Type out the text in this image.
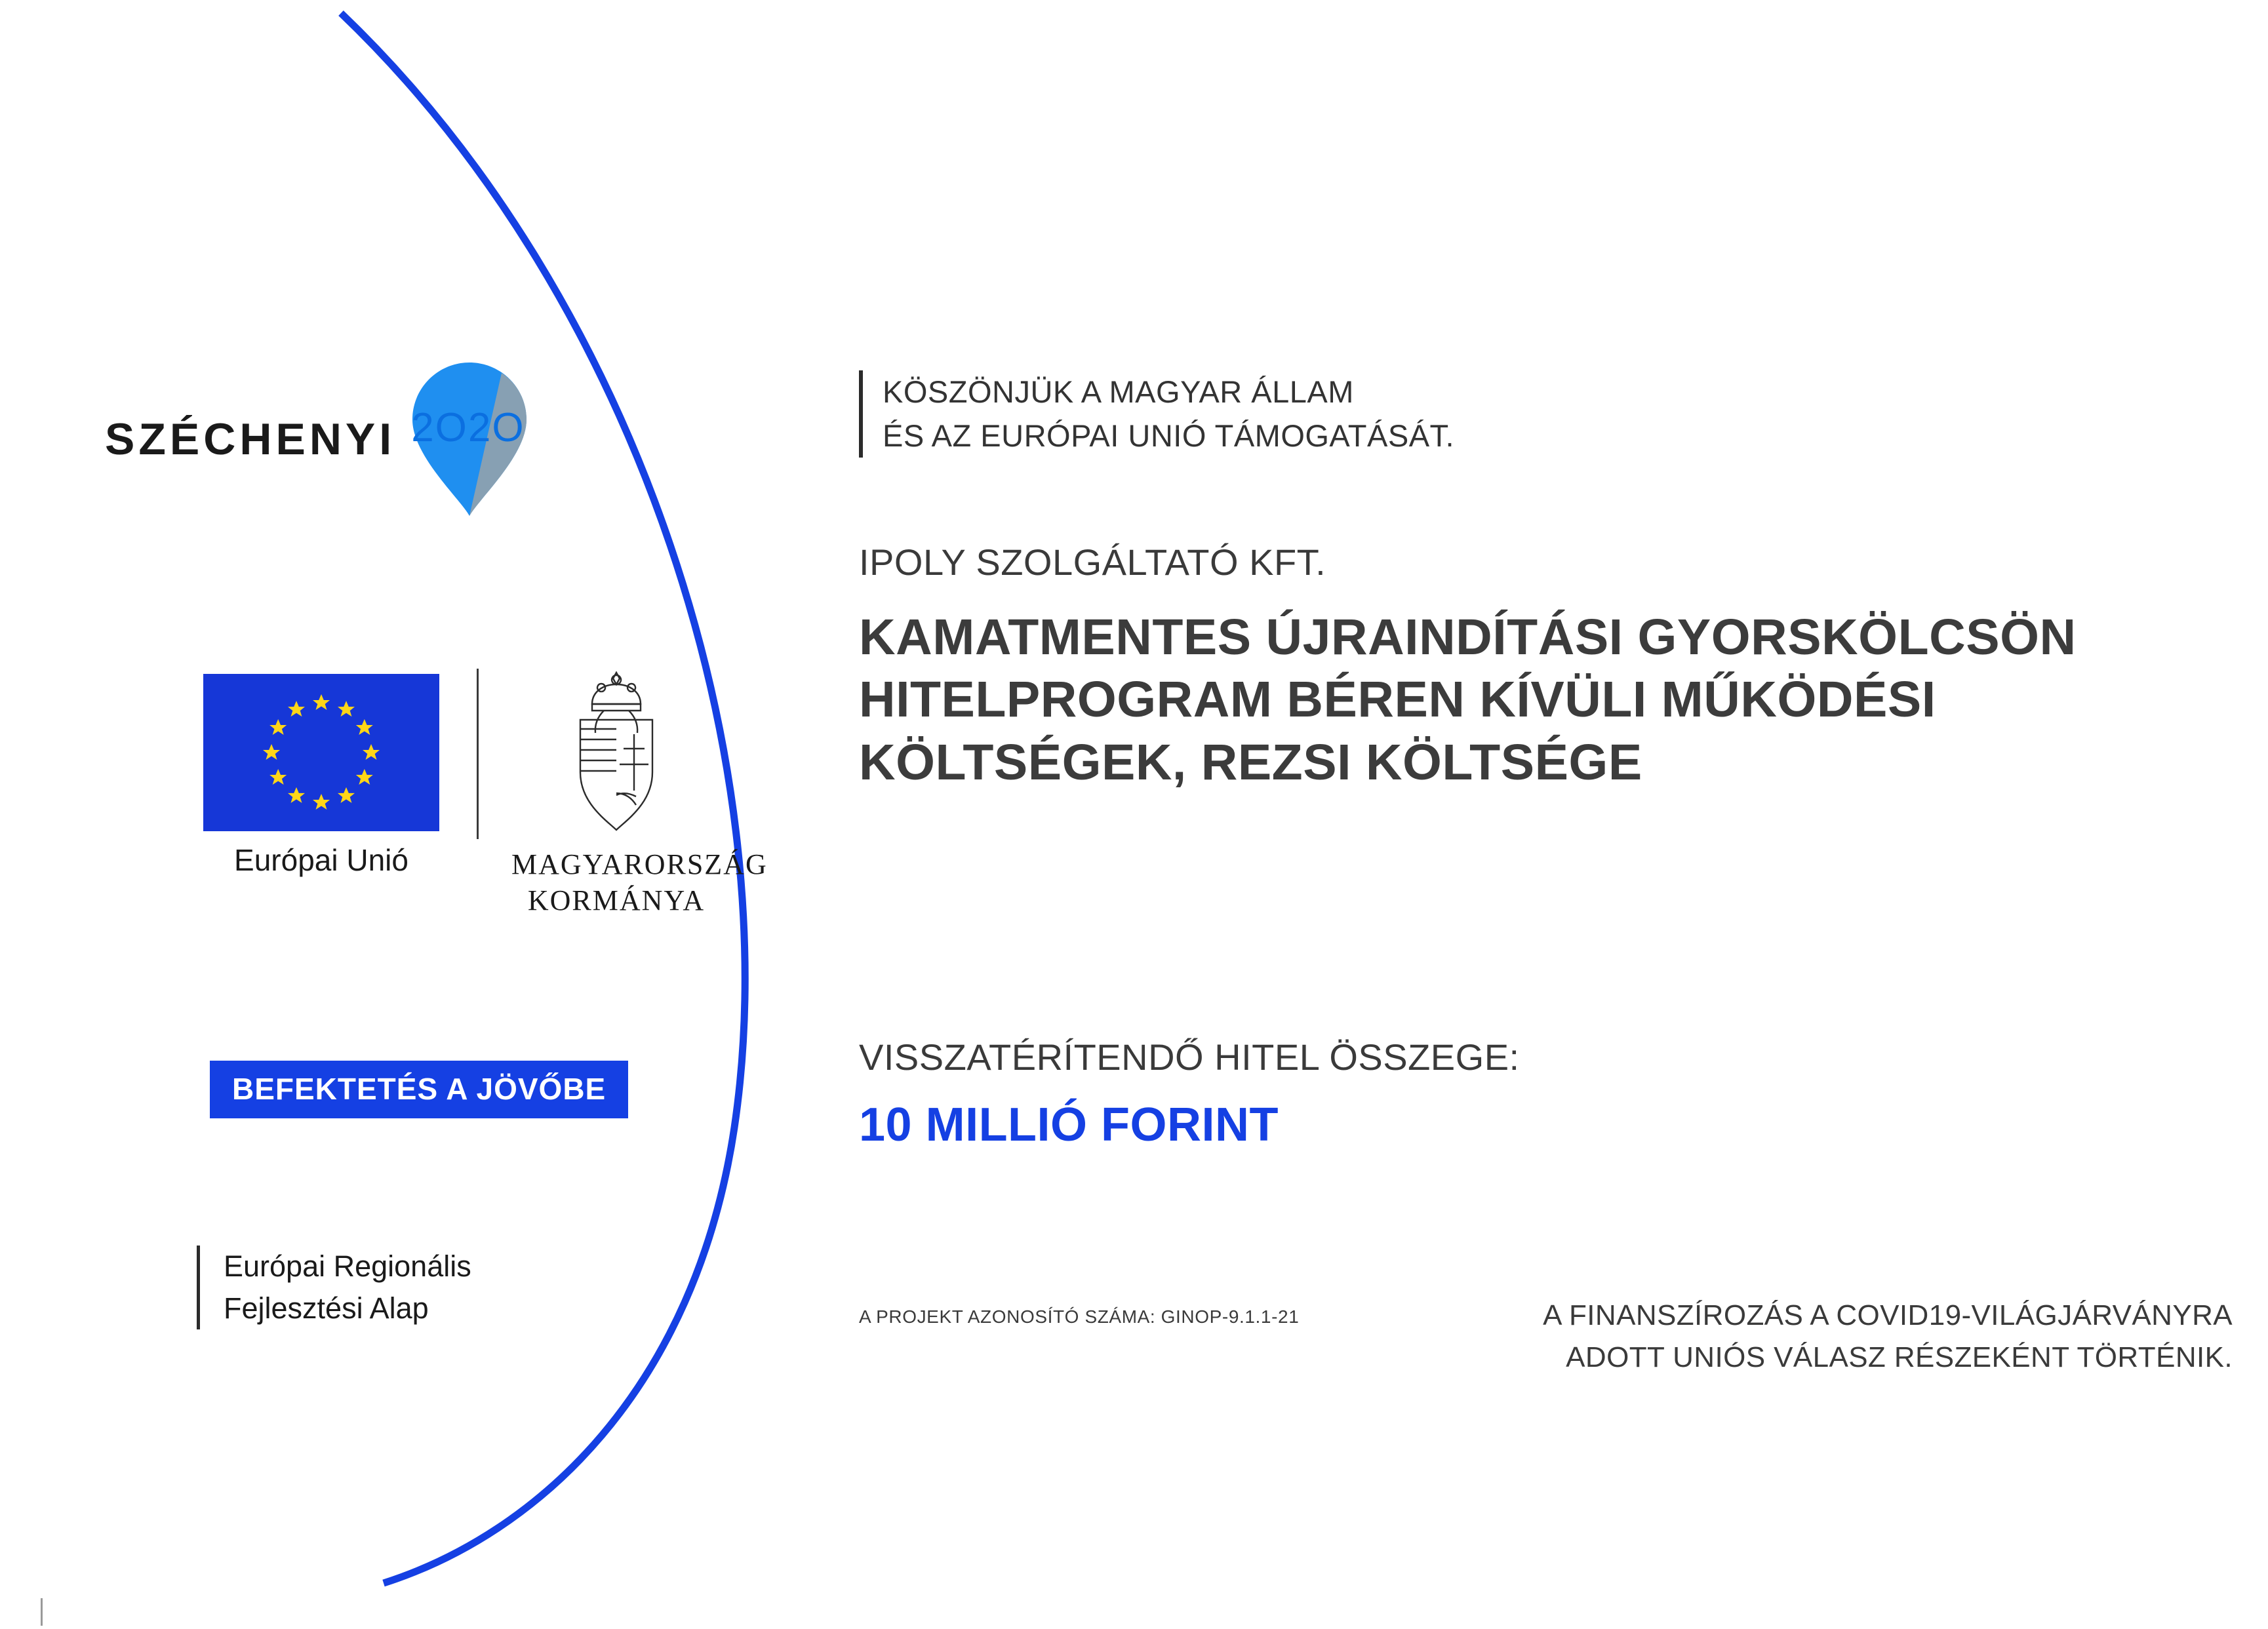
SZÉCHENYI 2O2O
Európai Unió	MAGYARORSZÁG
KORMÁNYA
BEFEKTETÉS A JÖVŐBE
Európai Regionális
Fejlesztési Alap
KÖSZÖNJÜK A MAGYAR ÁLLAM
ÉS AZ EURÓPAI UNIÓ TÁMOGATÁSÁT.
IPOLY SZOLGÁLTATÓ KFT.
KAMATMENTES ÚJRAINDÍTÁSI GYORSKÖLCSÖN HITELPROGRAM BÉREN KÍVÜLI MŰKÖDÉSI KÖLTSÉGEK, REZSI KÖLTSÉGE
VISSZATÉRÍTENDŐ HITEL ÖSSZEGE:
10 MILLIÓ FORINT
A PROJEKT AZONOSÍTÓ SZÁMA: GINOP-9.1.1-21	A FINANSZÍROZÁS A COVID19-VILÁGJÁRVÁNYRA
ADOTT UNIÓS VÁLASZ RÉSZEKÉNT TÖRTÉNIK.
